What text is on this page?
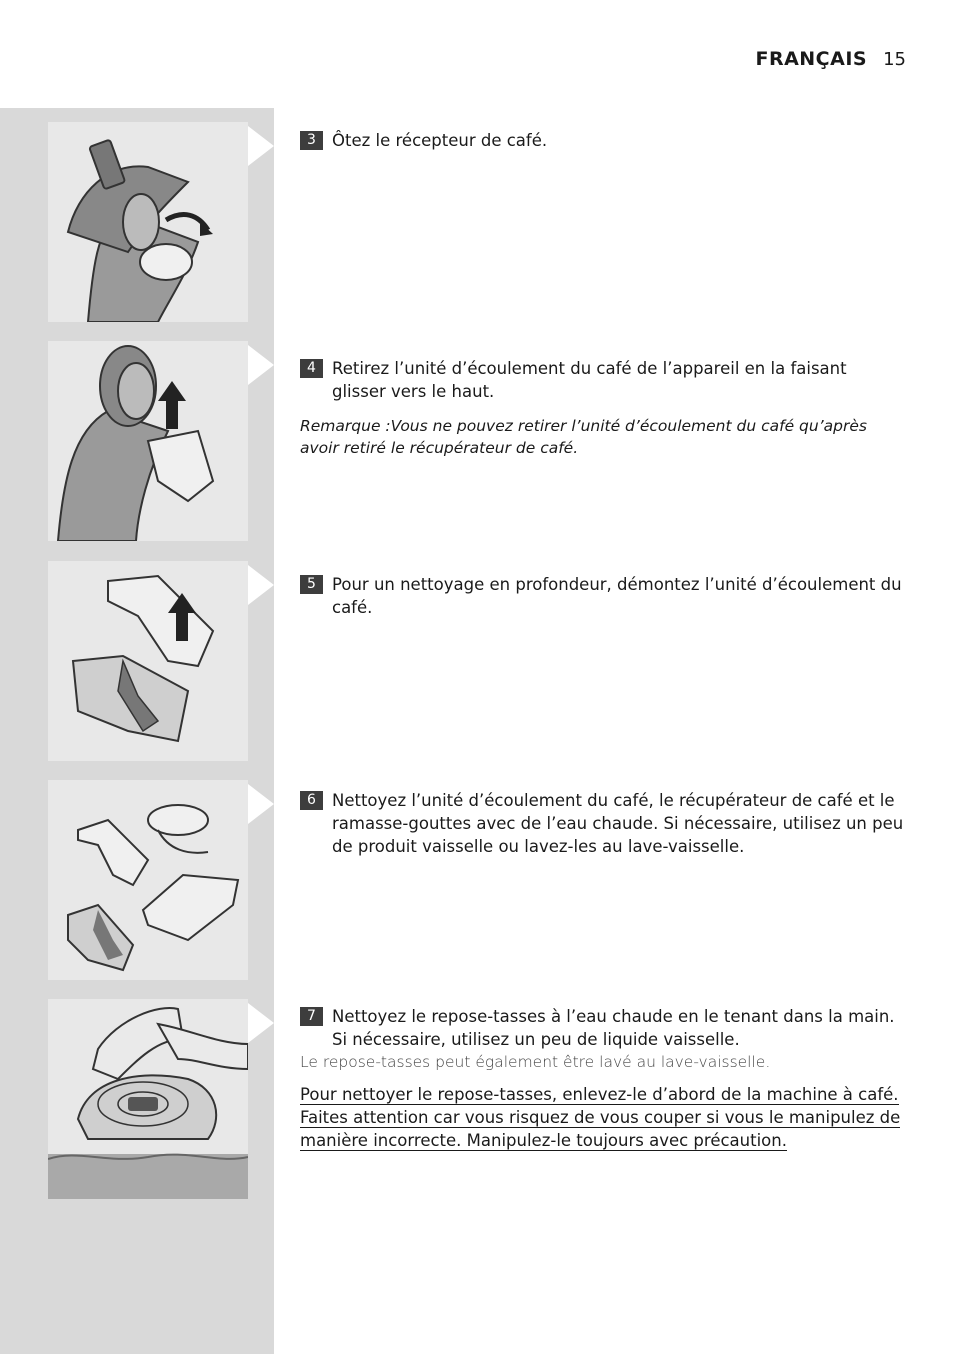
FRANÇAIS 15
3 Ôtez le récepteur de café.
4 Retirez l’unité d’écoulement du café de l’appareil en la faisant glisser vers le haut.
Remarque :Vous ne pouvez retirer l’unité d’écoulement du café qu’après avoir retiré le récupérateur de café.
5 Pour un nettoyage en profondeur, démontez l’unité d’écoulement du café.
6 Nettoyez l’unité d’écoulement du café, le récupérateur de café et le ramasse-gouttes avec de l’eau chaude. Si nécessaire, utilisez un peu de produit vaisselle ou lavez-les au lave-vaisselle.
7 Nettoyez le repose-tasses à l’eau chaude en le tenant dans la main. Si nécessaire, utilisez un peu de liquide vaisselle.
Le repose-tasses peut également être lavé au lave-vaisselle.
Pour nettoyer le repose-tasses, enlevez-le d’abord de la machine à café. Faites attention car vous risquez de vous couper si vous le manipulez de manière incorrecte. Manipulez-le toujours avec précaution.
